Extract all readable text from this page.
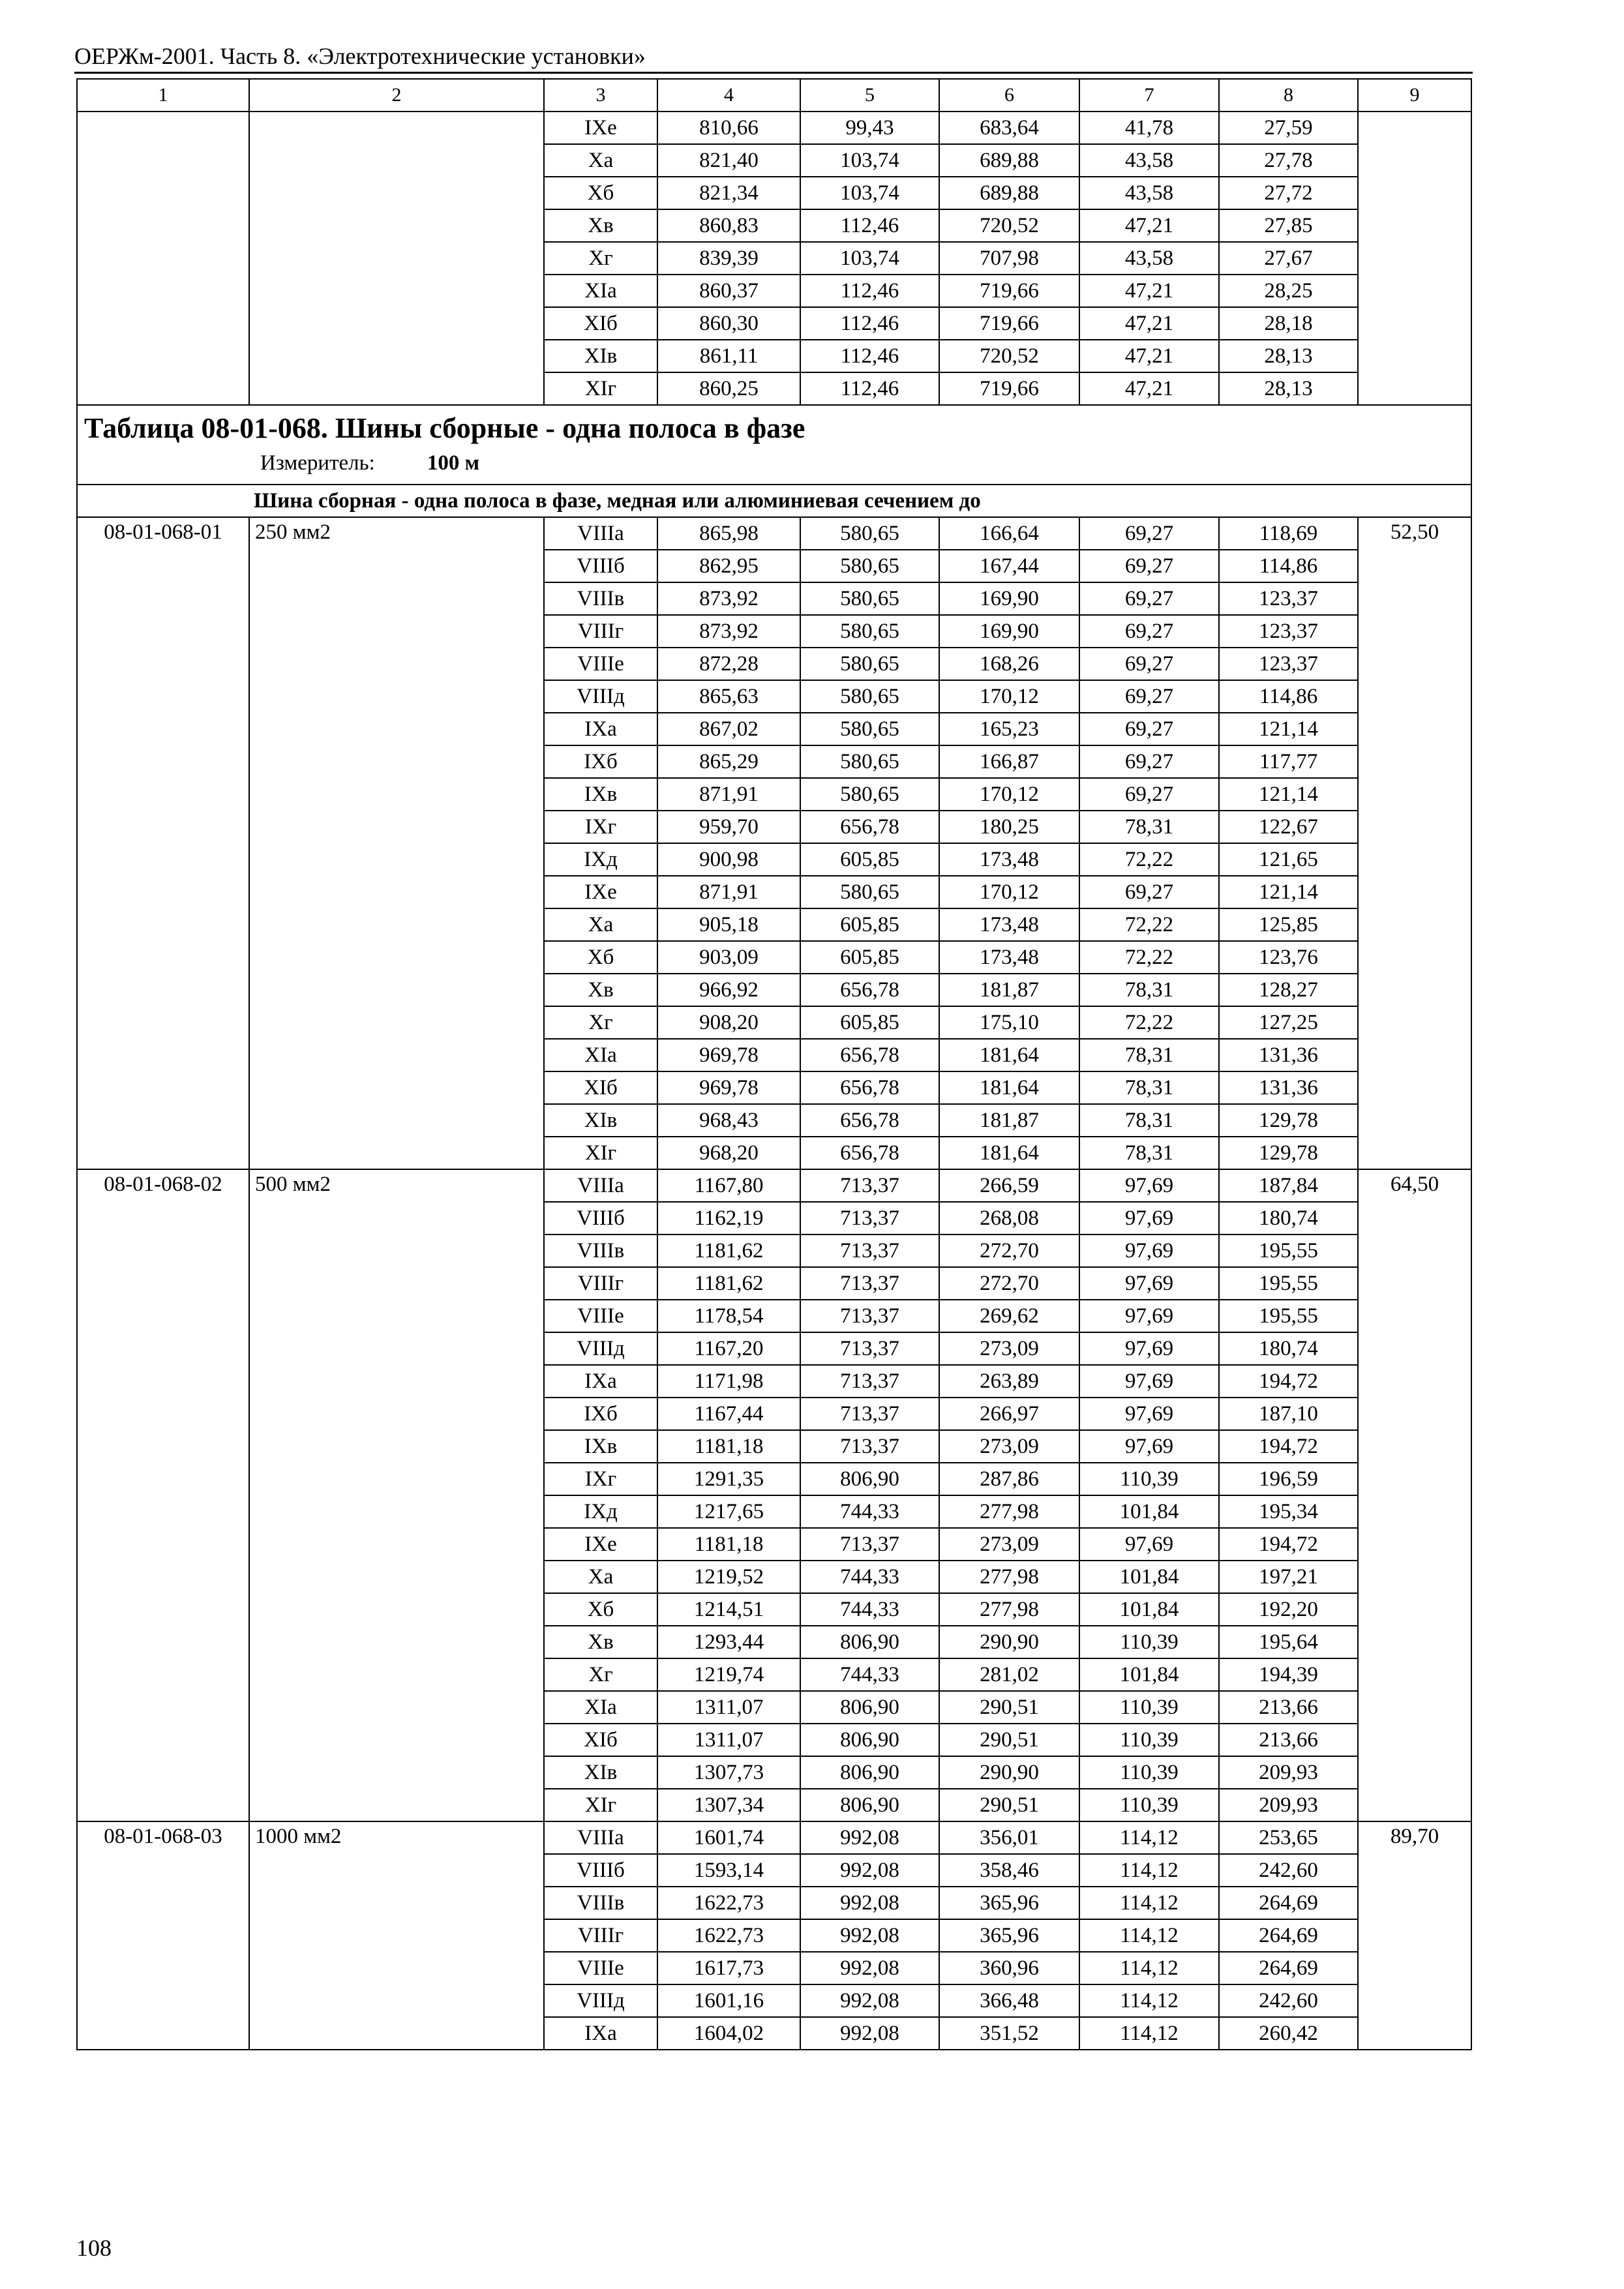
ОЕРЖм-2001. Часть 8. «Электротехнические установки»
1	2	3	4	5	6	7	8	9
		IXе	810,66	99,43	683,64	41,78	27,59	
		Xа	821,40	103,74	689,88	43,58	27,78	
		Xб	821,34	103,74	689,88	43,58	27,72	
		Xв	860,83	112,46	720,52	47,21	27,85	
		Xг	839,39	103,74	707,98	43,58	27,67	
		XIа	860,37	112,46	719,66	47,21	28,25	
		XIб	860,30	112,46	719,66	47,21	28,18	
		XIв	861,11	112,46	720,52	47,21	28,13	
		XIг	860,25	112,46	719,66	47,21	28,13	

Таблица 08-01-068. Шины сборные - одна полоса в фазе
Измеритель: 100 м								

Шина сборная - одна полоса в фазе, медная или алюминиевая сечением до								
08-01-068-01	250 мм2	VIIIа	865,98	580,65	166,64	69,27	118,69	52,50
		VIIIб	862,95	580,65	167,44	69,27	114,86	
		VIIIв	873,92	580,65	169,90	69,27	123,37	
		VIIIг	873,92	580,65	169,90	69,27	123,37	
		VIIIе	872,28	580,65	168,26	69,27	123,37	
		VIIIд	865,63	580,65	170,12	69,27	114,86	
		IXа	867,02	580,65	165,23	69,27	121,14	
		IXб	865,29	580,65	166,87	69,27	117,77	
		IXв	871,91	580,65	170,12	69,27	121,14	
		IXг	959,70	656,78	180,25	78,31	122,67	
		IXд	900,98	605,85	173,48	72,22	121,65	
		IXе	871,91	580,65	170,12	69,27	121,14	
		Xа	905,18	605,85	173,48	72,22	125,85	
		Xб	903,09	605,85	173,48	72,22	123,76	
		Xв	966,92	656,78	181,87	78,31	128,27	
		Xг	908,20	605,85	175,10	72,22	127,25	
		XIа	969,78	656,78	181,64	78,31	131,36	
		XIб	969,78	656,78	181,64	78,31	131,36	
		XIв	968,43	656,78	181,87	78,31	129,78	
		XIг	968,20	656,78	181,64	78,31	129,78	
08-01-068-02	500 мм2	VIIIа	1167,80	713,37	266,59	97,69	187,84	64,50
		VIIIб	1162,19	713,37	268,08	97,69	180,74	
		VIIIв	1181,62	713,37	272,70	97,69	195,55	
		VIIIг	1181,62	713,37	272,70	97,69	195,55	
		VIIIе	1178,54	713,37	269,62	97,69	195,55	
		VIIIд	1167,20	713,37	273,09	97,69	180,74	
		IXа	1171,98	713,37	263,89	97,69	194,72	
		IXб	1167,44	713,37	266,97	97,69	187,10	
		IXв	1181,18	713,37	273,09	97,69	194,72	
		IXг	1291,35	806,90	287,86	110,39	196,59	
		IXд	1217,65	744,33	277,98	101,84	195,34	
		IXе	1181,18	713,37	273,09	97,69	194,72	
		Xа	1219,52	744,33	277,98	101,84	197,21	
		Xб	1214,51	744,33	277,98	101,84	192,20	
		Xв	1293,44	806,90	290,90	110,39	195,64	
		Xг	1219,74	744,33	281,02	101,84	194,39	
		XIа	1311,07	806,90	290,51	110,39	213,66	
		XIб	1311,07	806,90	290,51	110,39	213,66	
		XIв	1307,73	806,90	290,90	110,39	209,93	
		XIг	1307,34	806,90	290,51	110,39	209,93	
08-01-068-03	1000 мм2	VIIIа	1601,74	992,08	356,01	114,12	253,65	89,70
		VIIIб	1593,14	992,08	358,46	114,12	242,60	
		VIIIв	1622,73	992,08	365,96	114,12	264,69	
		VIIIг	1622,73	992,08	365,96	114,12	264,69	
		VIIIе	1617,73	992,08	360,96	114,12	264,69	
		VIIIд	1601,16	992,08	366,48	114,12	242,60	
		IXа	1604,02	992,08	351,52	114,12	260,42	
108
